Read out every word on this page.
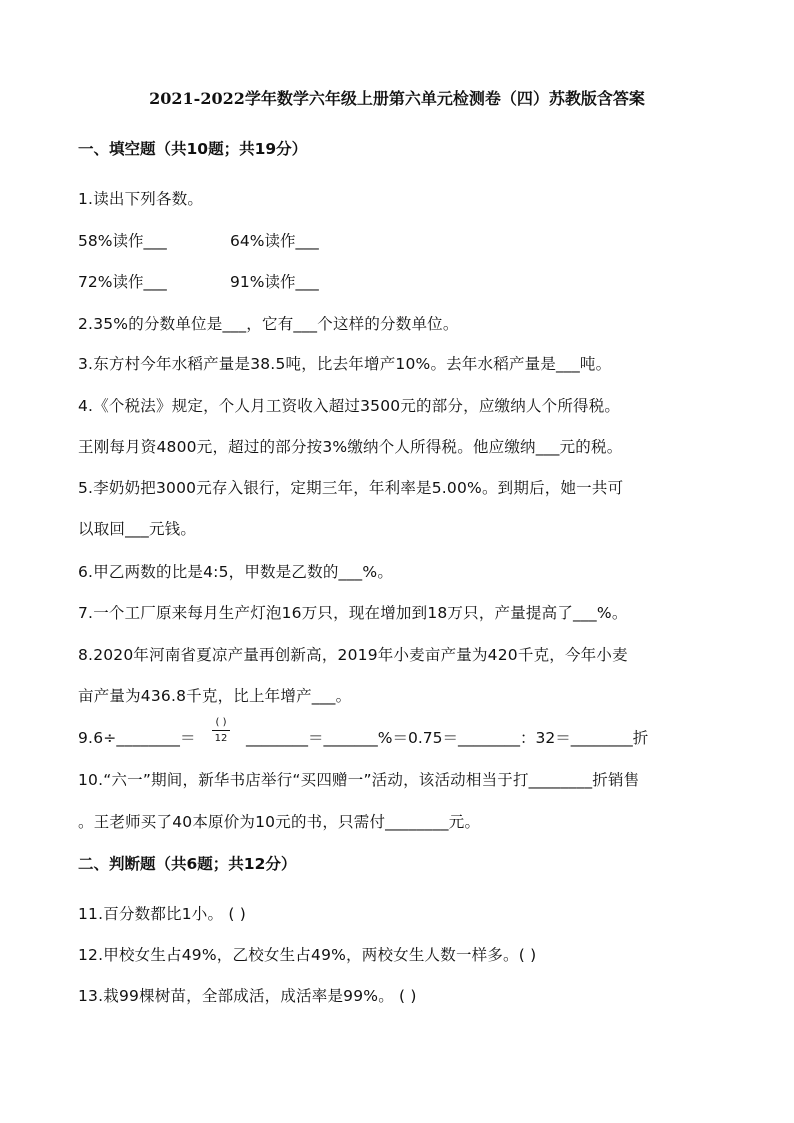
2021-2022学年数学六年级上册第六单元检测卷（四）苏教版含答案
一、填空题（共10题；共19分）
1.读出下列各数。
58%读作___	64%读作___
72%读作___	91%读作___
2.35%的分数单位是___，它有___个这样的分数单位。
3.东方村今年水稻产量是38.5吨，比去年增产10%。去年水稻产量是___吨。
4.《个税法》规定，个人月工资收入超过3500元的部分，应缴纳人个所得税。
王刚每月资4800元，超过的部分按3%缴纳个人所得税。他应缴纳___元的税。
5.李奶奶把3000元存入银行，定期三年，年利率是5.00%。到期后，她一共可
以取回___元钱。
6.甲乙两数的比是4:5，甲数是乙数的___%。
7.一个工厂原来每月生产灯泡16万只，现在增加到18万只，产量提高了___%。
8.2020年河南省夏凉产量再创新高，2019年小麦亩产量为420千克，今年小麦
亩产量为436.8千克，比上年增产___。
9.6÷________＝
( )
12 ________＝_______%＝0.75＝________：32＝________折
10.“六一”期间，新华书店举行“买四赠一”活动，该活动相当于打________折销售
。王老师买了40本原价为10元的书，只需付________元。
二、判断题（共6题；共12分）
11.百分数都比1小。 ( )
12.甲校女生占49%，乙校女生占49%，两校女生人数一样多。( )
13.栽99棵树苗，全部成活，成活率是99%。 ( )
